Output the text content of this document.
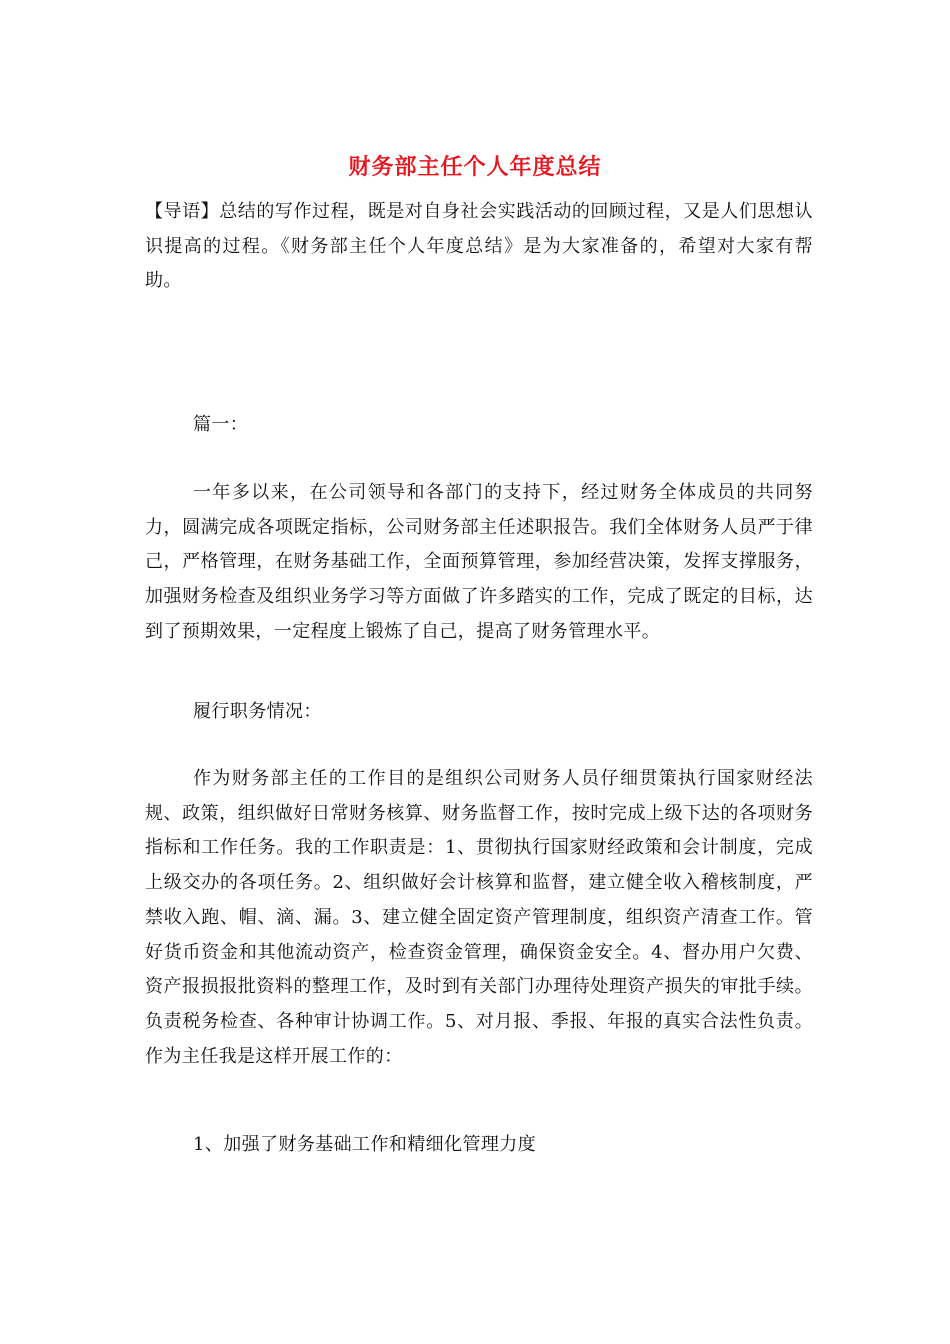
财务部主任个人年度总结
【导语】总结的写作过程，既是对自身社会实践活动的回顾过程，又是人们思想认识提高的过程。《财务部主任个人年度总结》是为大家准备的，希望对大家有帮助。
篇一：
一年多以来，在公司领导和各部门的支持下，经过财务全体成员的共同努力，圆满完成各项既定指标，公司财务部主任述职报告。我们全体财务人员严于律己，严格管理，在财务基础工作，全面预算管理，参加经营决策，发挥支撑服务，加强财务检查及组织业务学习等方面做了许多踏实的工作，完成了既定的目标，达到了预期效果，一定程度上锻炼了自己，提高了财务管理水平。
履行职务情况：
作为财务部主任的工作目的是组织公司财务人员仔细贯策执行国家财经法规、政策，组织做好日常财务核算、财务监督工作，按时完成上级下达的各项财务指标和工作任务。我的工作职责是：1、贯彻执行国家财经政策和会计制度，完成上级交办的各项任务。2、组织做好会计核算和监督，建立健全收入稽核制度，严禁收入跑、帽、滴、漏。3、建立健全固定资产管理制度，组织资产清查工作。管好货币资金和其他流动资产，检查资金管理，确保资金安全。4、督办用户欠费、资产报损报批资料的整理工作，及时到有关部门办理待处理资产损失的审批手续。负责税务检查、各种审计协调工作。5、对月报、季报、年报的真实合法性负责。作为主任我是这样开展工作的：
1、加强了财务基础工作和精细化管理力度
